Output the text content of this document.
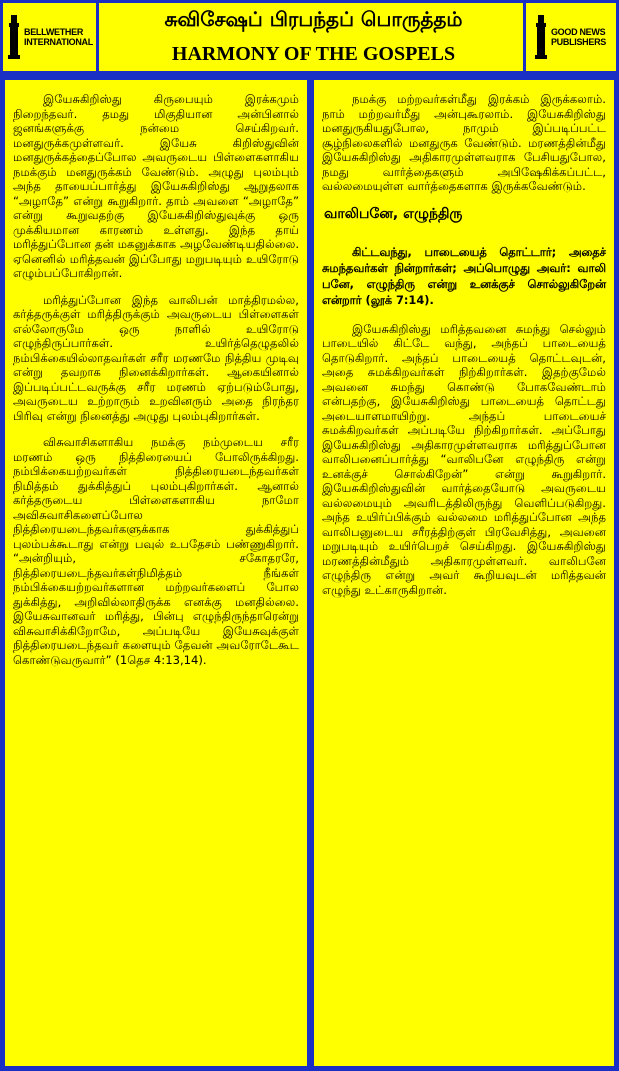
BELLWETHER
INTERNATIONAL
சுவிசேஷப் பிரபந்தப் பொருத்தம்
HARMONY OF THE GOSPELS
GOOD NEWS
PUBLISHERS

இயேசுகிறிஸ்து கிருபையும் இரக்கமும் நிறைந்தவர். தமது மிகுதியான அன்பினால் ஜனங்களுக்கு நன்மை செய்கிறவர். மனதுருக்கமுள்ளவர். இயேசு கிறிஸ்துவின் மனதுருக்கத்தைப்போல அவருடைய பிள்ளைகளாகிய நமக்கும் மனதுருக்கம் வேண்டும். அழுது புலம்பும் அந்த தாயைப்பார்த்து இயேசுகிறிஸ்து ஆறுதலாக “அழாதே” என்று கூறுகிறார். தாம் அவளை “அழாதே” என்று கூறுவதற்கு இயேசுகிறிஸ்துவுக்கு ஒரு முக்கியமான காரணம் உள்ளது. இந்த தாய் மரித்துப்போன தன் மகனுக்காக அழவேண்டியதில்லை. ஏனெனில் மரித்தவன் இப்போது மறுபடியும் உயிரோடு எழும்பப்போகிறான்.

மரித்துப்போன இந்த வாலிபன் மாத்திரமல்ல, கர்த்தருக்குள் மரித்திருக்கும் அவருடைய பிள்ளைகள் எல்லோருமே ஒரு நாளில் உயிரோடு எழுந்திருப்பார்கள். உயிர்த்தெழுதலில் நம்பிக்கையில்லாதவர்கள் சரீர மரணமே நித்திய முடிவு என்று தவறாக நினைக்கிறார்கள். ஆகையினால் இப்படிப்பட்டவருக்கு சரீர மரணம் ஏற்படும்போது, அவருடைய உற்றாரும் உறவினரும் அதை நிரந்தர பிரிவு என்று நினைத்து அழுது புலம்புகிறார்கள்.

விசுவாசிகளாகிய நமக்கு நம்முடைய சரீர மரணம் ஒரு நித்திரையைப் போலிருக்கிறது. நம்பிக்கையற்றவர்கள் நித்திரையடைந்தவர்கள் நிமித்தம் துக்கித்துப் புலம்புகிறார்கள். ஆனால் கர்த்தருடைய பிள்ளைகளாகிய நாமோ அவிசுவாசிகளைப்போல நித்திரையடைந்தவர்களுக்காக துக்கித்துப் புலம்பக்கூடாது என்று பவுல் உபதேசம் பண்ணுகிறார். “அன்றியும், சகோதரரே, நித்திரையடைந்தவர்கள்நிமித்தம் நீங்கள் நம்பிக்கையற்றவர்களான மற்றவர்களைப் போல துக்கித்து, அறிவில்லாதிருக்க எனக்கு மனதில்லை. இயேசுவானவர் மரித்து, பின்பு எழுந்திருந்தாரென்று விசுவாசிக்கிறோமே, அப்படியே இயேசுவுக்குள் நித்திரையடைந்தவர் களையும் தேவன் அவரோடேகூட கொண்டுவருவார்” (1தெச 4:13,14).

நமக்கு மற்றவர்கள்மீது இரக்கம் இருக்கலாம். நாம் மற்றவர்மீது அன்புகூரலாம். இயேசுகிறிஸ்து மனதுருகியதுபோல, நாமும் இப்படிப்பட்ட சூழ்நிலைகளில் மனதுருக வேண்டும். மரணத்தின்மீது இயேசுகிறிஸ்து அதிகாரமுள்ளவராக பேசியதுபோல, நமது வார்த்தைகளும் அபிஷேகிக்கப்பட்ட, வல்லமையுள்ள வார்த்தைகளாக இருக்கவேண்டும்.

வாலிபனே, எழுந்திரு

கிட்டவந்து, பாடையைத் தொட்டார்; அதைச் சுமந்தவர்கள் நின்றார்கள்; அப்பொழுது அவர்: வாலி பனே, எழுந்திரு என்று உனக்குச் சொல்லுகிறேன் என்றார் (லூக் 7:14).

இயேசுகிறிஸ்து மரித்தவனை சுமந்து செல்லும் பாடையில் கிட்டே வந்து, அந்தப் பாடையைத் தொடுகிறார். அந்தப் பாடையைத் தொட்டவுடன், அதை சுமக்கிறவர்கள் நிற்கிறார்கள். இதற்குமேல் அவனை சுமந்து கொண்டு போகவேண்டாம் என்பதற்கு, இயேசுகிறிஸ்து பாடையைத் தொட்டது அடையாளமாயிற்று. அந்தப் பாடையைச் சுமக்கிறவர்கள் அப்படியே நிற்கிறார்கள். அப்போது இயேசுகிறிஸ்து அதிகாரமுள்ளவராக மரித்துப்போன வாலிபனைப்பார்த்து “வாலிபனே எழுந்திரு என்று உனக்குச் சொல்கிறேன்” என்று கூறுகிறார். இயேசுகிறிஸ்துவின் வார்த்தையோடு அவருடைய வல்லமையும் அவரிடத்திலிருந்து வெளிப்படுகிறது. அந்த உயிர்ப்பிக்கும் வல்லமை மரித்துப்போன அந்த வாலிபனுடைய சரீரத்திற்குள் பிரவேசித்து, அவனை மறுபடியும் உயிர்பெறச் செய்கிறது. இயேசுகிறிஸ்து மரணத்தின்மீதும் அதிகாரமுள்ளவர். வாலிபனே எழுந்திரு என்று அவர் கூறியவுடன் மரித்தவன் எழுந்து உட்காருகிறான்.
